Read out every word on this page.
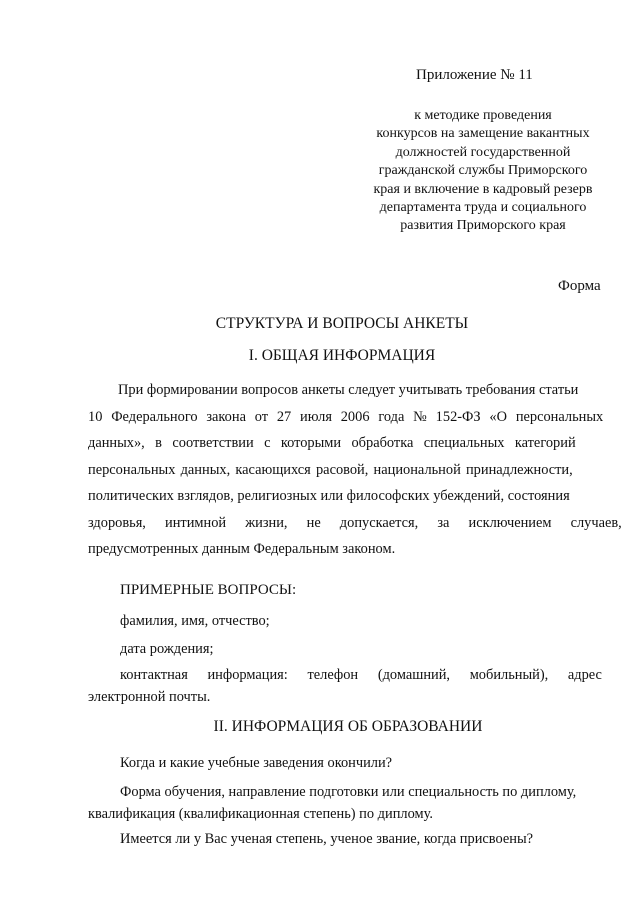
Приложение № 11
к методике проведения
конкурсов на замещение вакантных
должностей государственной
гражданской службы Приморского
края и включение в кадровый резерв
департамента труда и социального
развития Приморского края
Форма
СТРУКТУРА И ВОПРОСЫ АНКЕТЫ
I. ОБЩАЯ ИНФОРМАЦИЯ
При формировании вопросов анкеты следует учитывать требования статьи
10 Федерального закона от 27 июля 2006 года № 152-ФЗ «О персональных
данных», в соответствии с которыми обработка специальных категорий
персональных данных, касающихся расовой, национальной принадлежности,
политических взглядов, религиозных или философских убеждений, состояния
здоровья, интимной жизни, не допускается, за исключением случаев,
предусмотренных данным Федеральным законом.
ПРИМЕРНЫЕ ВОПРОСЫ:
фамилия, имя, отчество;
дата рождения;
контактная информация: телефон (домашний, мобильный), адрес
электронной почты.
II. ИНФОРМАЦИЯ ОБ ОБРАЗОВАНИИ
Когда и какие учебные заведения окончили?
Форма обучения, направление подготовки или специальность по диплому,
квалификация (квалификационная степень) по диплому.
Имеется ли у Вас ученая степень, ученое звание, когда присвоены?
